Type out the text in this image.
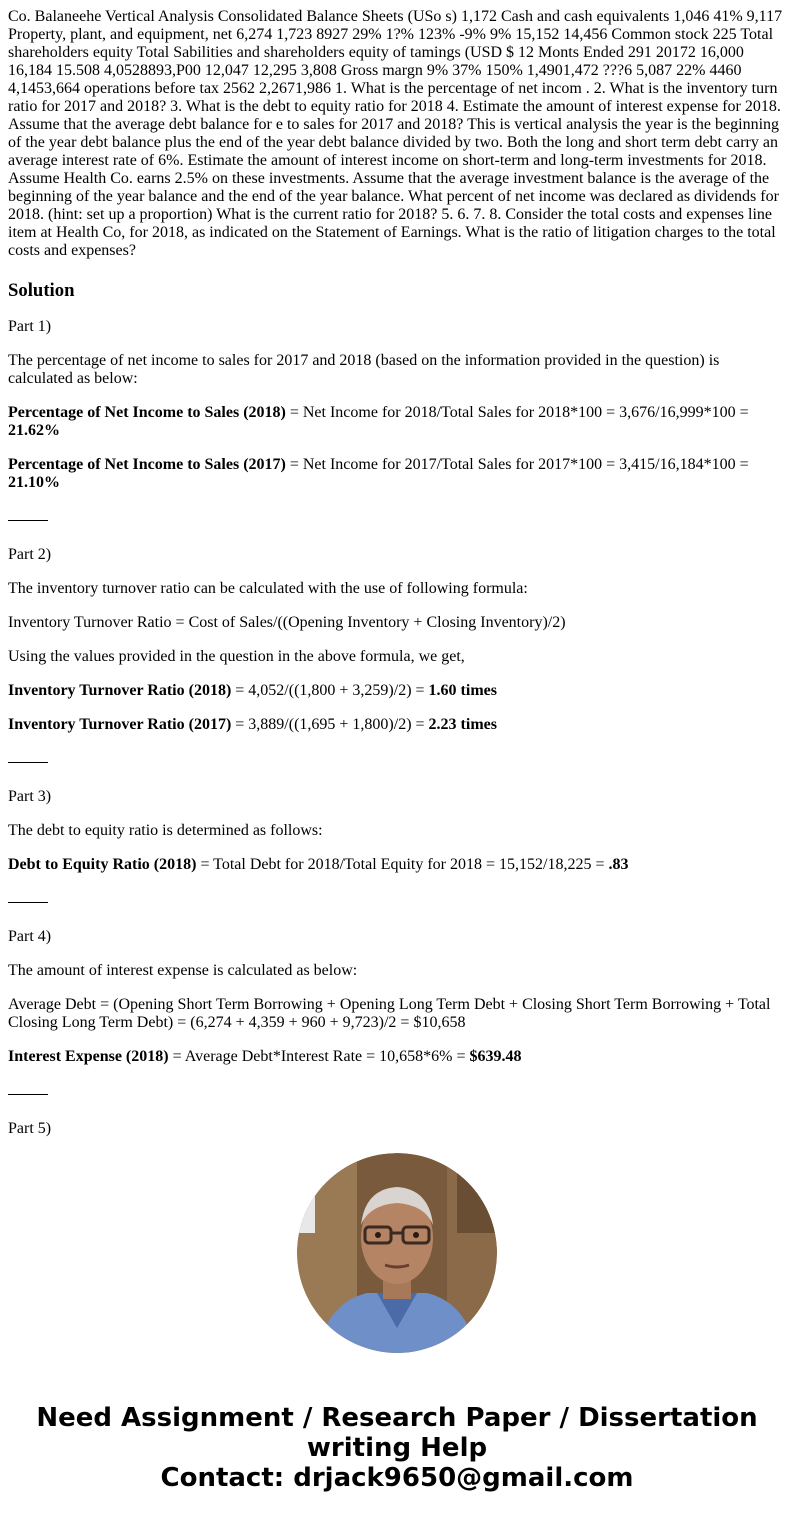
Co. Balaneehe Vertical Analysis Consolidated Balance Sheets (USo s) 1,172 Cash and cash equivalents 1,046 41% 9,117 Property, plant, and equipment, net 6,274 1,723 8927 29% 1?% 123% -9% 9% 15,152 14,456 Common stock 225 Total shareholders equity Total Sabilities and shareholders equity of tamings (USD $ 12 Monts Ended 291 20172 16,000 16,184 15.508 4,0528893,P00 12,047 12,295 3,808 Gross margn 9% 37% 150% 1,4901,472 ???6 5,087 22% 4460 4,1453,664 operations before tax 2562 2,2671,986 1. What is the percentage of net incom . 2. What is the inventory turn ratio for 2017 and 2018? 3. What is the debt to equity ratio for 2018 4. Estimate the amount of interest expense for 2018. Assume that the average debt balance for e to sales for 2017 and 2018? This is vertical analysis the year is the beginning of the year debt balance plus the end of the year debt balance divided by two. Both the long and short term debt carry an average interest rate of 6%. Estimate the amount of interest income on short-term and long-term investments for 2018. Assume Health Co. earns 2.5% on these investments. Assume that the average investment balance is the average of the beginning of the year balance and the end of the year balance. What percent of net income was declared as dividends for 2018. (hint: set up a proportion) What is the current ratio for 2018? 5. 6. 7. 8. Consider the total costs and expenses line item at Health Co, for 2018, as indicated on the Statement of Earnings. What is the ratio of litigation charges to the total costs and expenses?

Solution

Part 1)

The percentage of net income to sales for 2017 and 2018 (based on the information provided in the question) is calculated as below:

Percentage of Net Income to Sales (2018) = Net Income for 2018/Total Sales for 2018*100 = 3,676/16,999*100 = 21.62%

Percentage of Net Income to Sales (2017) = Net Income for 2017/Total Sales for 2017*100 = 3,415/16,184*100 = 21.10%

Part 2)

The inventory turnover ratio can be calculated with the use of following formula:

Inventory Turnover Ratio = Cost of Sales/((Opening Inventory + Closing Inventory)/2)

Using the values provided in the question in the above formula, we get,

Inventory Turnover Ratio (2018) = 4,052/((1,800 + 3,259)/2) = 1.60 times

Inventory Turnover Ratio (2017) = 3,889/((1,695 + 1,800)/2) = 2.23 times

Part 3)

The debt to equity ratio is determined as follows:

Debt to Equity Ratio (2018) = Total Debt for 2018/Total Equity for 2018 = 15,152/18,225 = .83

Part 4)

The amount of interest expense is calculated as below:

Average Debt = (Opening Short Term Borrowing + Opening Long Term Debt + Closing Short Term Borrowing + Total Closing Long Term Debt) = (6,274 + 4,359 + 960 + 9,723)/2 = $10,658

Interest Expense (2018) = Average Debt*Interest Rate = 10,658*6% = $639.48

Part 5)

Need Assignment / Research Paper / Dissertation
writing Help
Contact: drjack9650@gmail.com
